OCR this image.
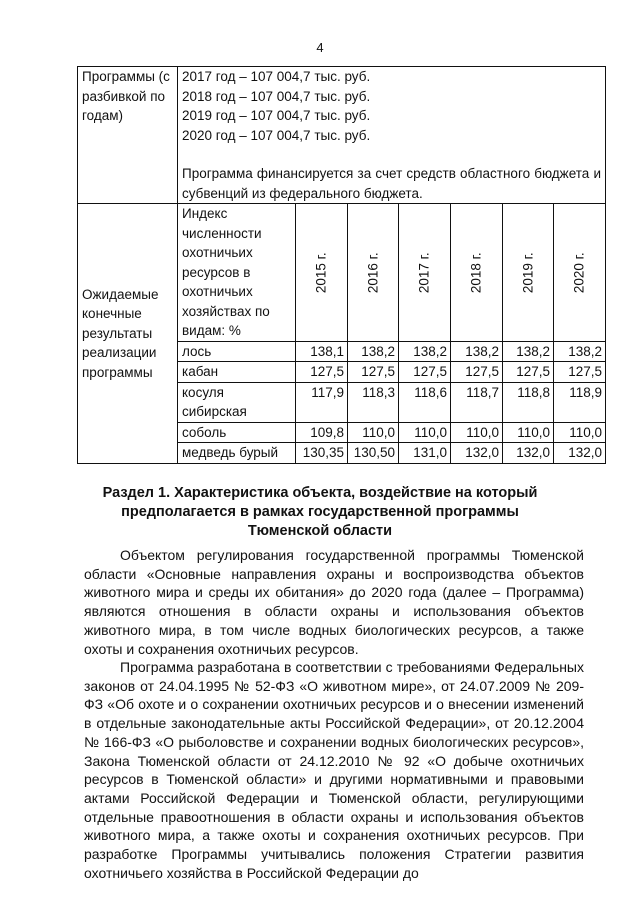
4
Программы (с разбивкой по годам)	2017 год – 107 004,7 тыс. руб.
2018 год – 107 004,7 тыс. руб.
2019 год – 107 004,7 тыс. руб.
2020 год – 107 004,7 тыс. руб.
Программа финансируется за счет средств областного бюджета и субвенций из федерального бюджета.						

Ожидаемые конечные результаты реализации программы	Индекс численности охотничьих ресурсов в охотничьих хозяйствах по видам: %	2015 г.	2016 г.	2017 г.	2018 г.	2019 г.	2020 г.
	лось	138,1	138,2	138,2	138,2	138,2	138,2
	кабан	127,5	127,5	127,5	127,5	127,5	127,5
	косуля сибирская	117,9	118,3	118,6	118,7	118,8	118,9
	соболь	109,8	110,0	110,0	110,0	110,0	110,0
	медведь бурый	130,35	130,50	131,0	132,0	132,0	132,0
Раздел 1. Характеристика объекта, воздействие на который предполагается в рамках государственной программы Тюменской области

Объектом регулирования государственной программы Тюменской области «Основные направления охраны и воспроизводства объектов животного мира и среды их обитания» до 2020 года (далее – Программа) являются отношения в области охраны и использования объектов животного мира, в том числе водных биологических ресурсов, а также охоты и сохранения охотничьих ресурсов.

Программа разработана в соответствии с требованиями Федеральных законов от 24.04.1995 № 52-ФЗ «О животном мире», от 24.07.2009 № 209-ФЗ «Об охоте и о сохранении охотничьих ресурсов и о внесении изменений в отдельные законодательные акты Российской Федерации», от 20.12.2004 № 166-ФЗ «О рыболовстве и сохранении водных биологических ресурсов», Закона Тюменской области от 24.12.2010 № 92 «О добыче охотничьих ресурсов в Тюменской области» и другими нормативными и правовыми актами Российской Федерации и Тюменской области, регулирующими отдельные правоотношения в области охраны и использования объектов животного мира, а также охоты и сохранения охотничьих ресурсов. При разработке Программы учитывались положения Стратегии развития охотничьего хозяйства в Российской Федерации до
